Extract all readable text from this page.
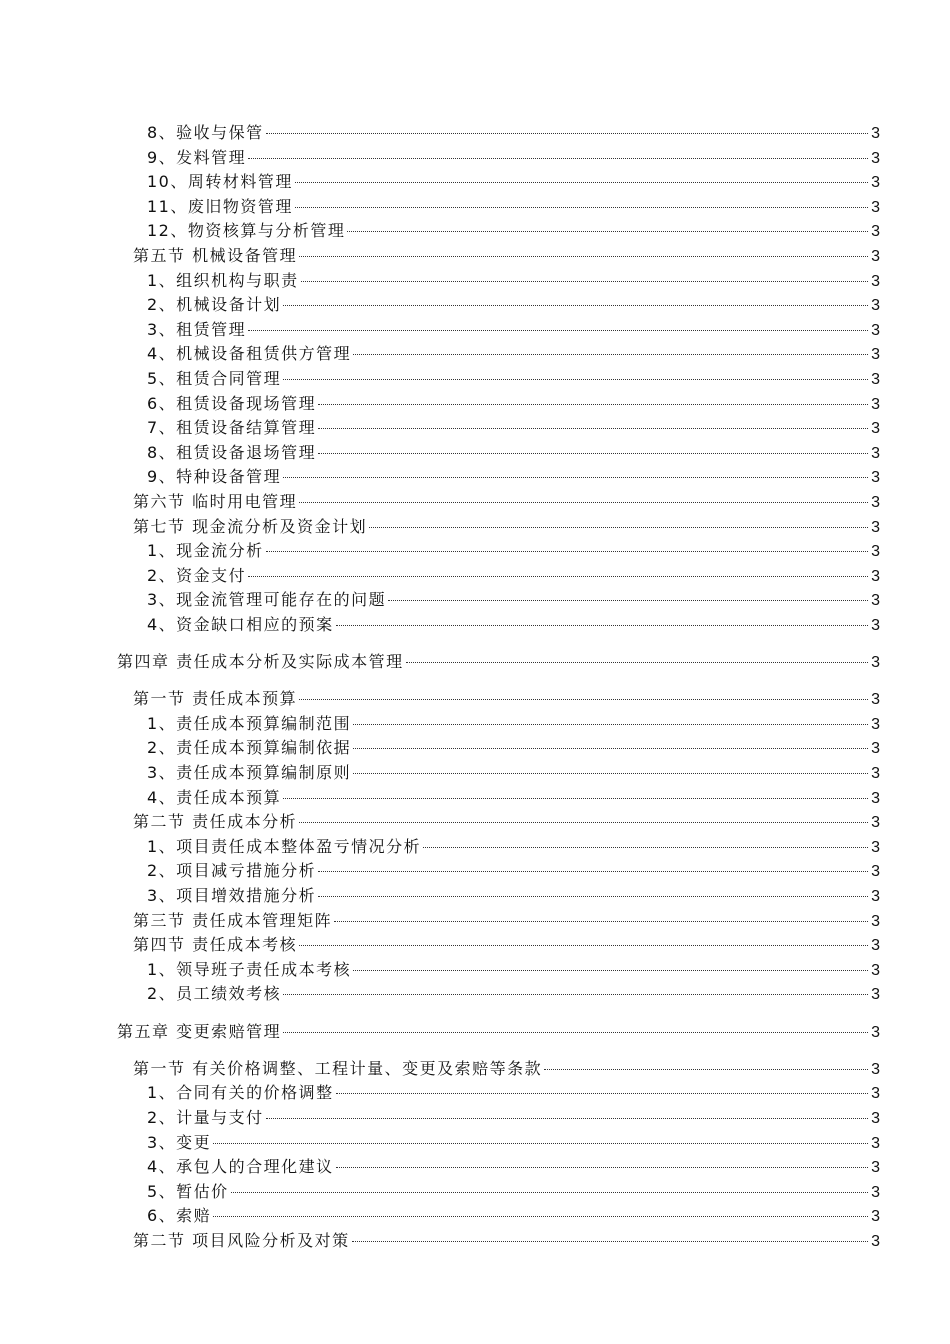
8、验收与保管	3
9、发料管理	3
10、周转材料管理	3
11、废旧物资管理	3
12、物资核算与分析管理	3
第五节 机械设备管理	3
1、组织机构与职责	3
2、机械设备计划	3
3、租赁管理	3
4、机械设备租赁供方管理	3
5、租赁合同管理	3
6、租赁设备现场管理	3
7、租赁设备结算管理	3
8、租赁设备退场管理	3
9、特种设备管理	3
第六节 临时用电管理	3
第七节 现金流分析及资金计划	3
1、现金流分析	3
2、资金支付	3
3、现金流管理可能存在的问题	3
4、资金缺口相应的预案	3
第四章 责任成本分析及实际成本管理	3
第一节 责任成本预算	3
1、责任成本预算编制范围	3
2、责任成本预算编制依据	3
3、责任成本预算编制原则	3
4、责任成本预算	3
第二节 责任成本分析	3
1、项目责任成本整体盈亏情况分析	3
2、项目减亏措施分析	3
3、项目增效措施分析	3
第三节 责任成本管理矩阵	3
第四节 责任成本考核	3
1、领导班子责任成本考核	3
2、员工绩效考核	3
第五章 变更索赔管理	3
第一节 有关价格调整、工程计量、变更及索赔等条款	3
1、合同有关的价格调整	3
2、计量与支付	3
3、变更	3
4、承包人的合理化建议	3
5、暂估价	3
6、索赔	3
第二节 项目风险分析及对策	3
